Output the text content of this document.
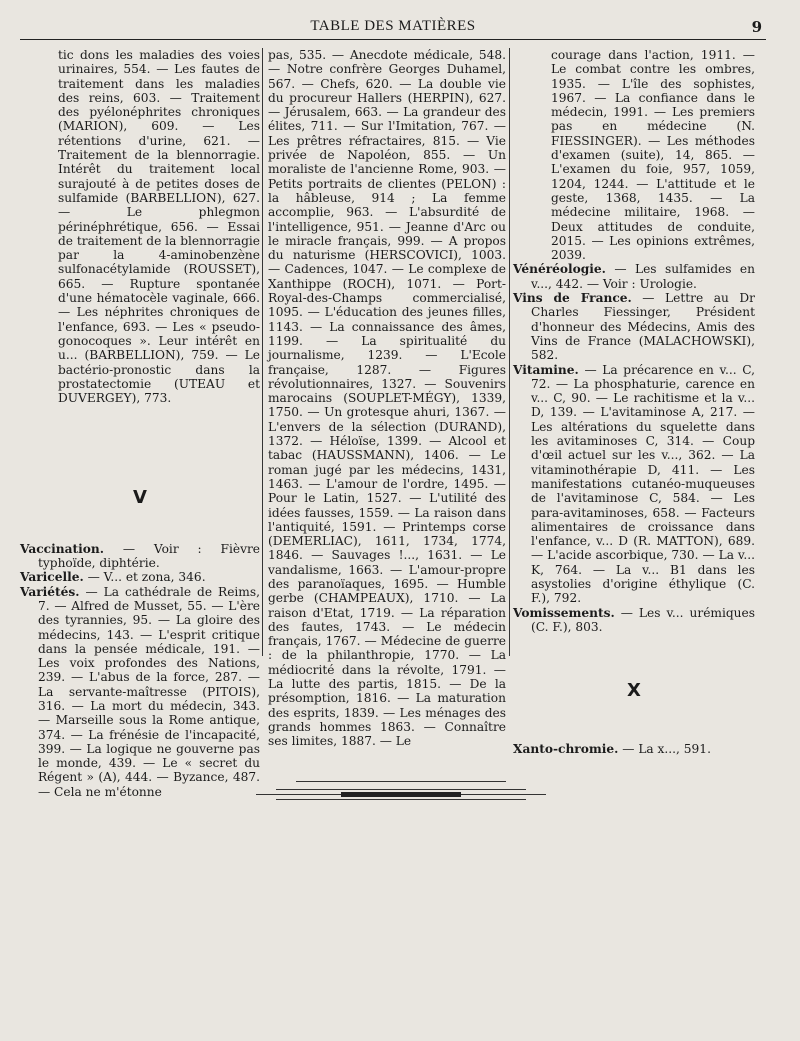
TABLE DES MATIÈRES	9

tic dons les maladies des voies urinaires, 554. — Les fautes de traitement dans les maladies des reins, 603. — Traitement des pyélonéphrites chroniques (MARION), 609. — Les rétentions d'urine, 621. — Traitement de la blennorragie. Intérêt du traitement local surajouté à de petites doses de sulfamide (BARBELLION), 627. — Le phlegmon périnéphrétique, 656. — Essai de traitement de la blennorragie par la 4-aminobenzène sulfonacétylamide (ROUSSET), 665. — Rupture spontanée d'une hématocèle vaginale, 666. — Les néphrites chroniques de l'enfance, 693. — Les « pseudo-gonocoques ». Leur intérêt en u... (BARBELLION), 759. — Le bactério-pronostic dans la prostatectomie (UTEAU et DUVERGEY), 773.

V

Vaccination. — Voir : Fièvre typhoïde, diphtérie.

Varicelle. — V... et zona, 346.

Variétés. — La cathédrale de Reims, 7. — Alfred de Musset, 55. — L'ère des tyrannies, 95. — La gloire des médecins, 143. — L'esprit critique dans la pensée médicale, 191. — Les voix profondes des Nations, 239. — L'abus de la force, 287. — La servante-maîtresse (PITOIS), 316. — La mort du médecin, 343. — Marseille sous la Rome antique, 374. — La frénésie de l'incapacité, 399. — La logique ne gouverne pas le monde, 439. — Le « secret du Régent » (A), 444. — Byzance, 487. — Cela ne m'étonne

pas, 535. — Anecdote médicale, 548. — Notre confrère Georges Duhamel, 567. — Chefs, 620. — La double vie du procureur Hallers (HERPIN), 627. — Jérusalem, 663. — La grandeur des élites, 711. — Sur l'Imitation, 767. — Les prêtres réfractaires, 815. — Vie privée de Napoléon, 855. — Un moraliste de l'ancienne Rome, 903. — Petits portraits de clientes (PELON) : la hâbleuse, 914 ; La femme accomplie, 963. — L'absurdité de l'intelligence, 951. — Jeanne d'Arc ou le miracle français, 999. — A propos du naturisme (HERSCOVICI), 1003. — Cadences, 1047. — Le complexe de Xanthippe (ROCH), 1071. — Port-Royal-des-Champs commercialisé, 1095. — L'éducation des jeunes filles, 1143. — La connaissance des âmes, 1199. — La spiritualité du journalisme, 1239. — L'Ecole française, 1287. — Figures révolutionnaires, 1327. — Souvenirs marocains (SOUPLET-MÉGY), 1339, 1750. — Un grotesque ahuri, 1367. — L'envers de la sélection (DURAND), 1372. — Héloïse, 1399. — Alcool et tabac (HAUSSMANN), 1406. — Le roman jugé par les médecins, 1431, 1463. — L'amour de l'ordre, 1495. — Pour le Latin, 1527. — L'utilité des idées fausses, 1559. — La raison dans l'antiquité, 1591. — Printemps corse (DEMERLIAC), 1611, 1734, 1774, 1846. — Sauvages !..., 1631. — Le vandalisme, 1663. — L'amour-propre des paranoïaques, 1695. — Humble gerbe (CHAMPEAUX), 1710. — La raison d'Etat, 1719. — La réparation des fautes, 1743. — Le médecin français, 1767. — Médecine de guerre : de la philanthropie, 1770. — La médiocrité dans la révolte, 1791. — La lutte des partis, 1815. — De la présomption, 1816. — La maturation des esprits, 1839. — Les ménages des grands hommes 1863. — Connaître ses limites, 1887. — Le

courage dans l'action, 1911. — Le combat contre les ombres, 1935. — L'île des sophistes, 1967. — La confiance dans le médecin, 1991. — Les premiers pas en médecine (N. FIESSINGER). — Les méthodes d'examen (suite), 14, 865. — L'examen du foie, 957, 1059, 1204, 1244. — L'attitude et le geste, 1368, 1435. — La médecine militaire, 1968. — Deux attitudes de conduite, 2015. — Les opinions extrêmes, 2039.

Vénéréologie. — Les sulfamides en v..., 442. — Voir : Urologie.

Vins de France. — Lettre au Dr Charles Fiessinger, Président d'honneur des Médecins, Amis des Vins de France (MALACHOWSKI), 582.

Vitamine. — La précarence en v... C, 72. — La phosphaturie, carence en v... C, 90. — Le rachitisme et la v... D, 139. — L'avitaminose A, 217. — Les altérations du squelette dans les avitaminoses C, 314. — Coup d'œil actuel sur les v..., 362. — La vitaminothérapie D, 411. — Les manifestations cutanéo-muqueuses de l'avitaminose C, 584. — Les para-avitaminoses, 658. — Facteurs alimentaires de croissance dans l'enfance, v... D (R. MATTON), 689. — L'acide ascorbique, 730. — La v... K, 764. — La v... B1 dans les asystolies d'origine éthylique (C. F.), 792.

Vomissements. — Les v... urémiques (C. F.), 803.

X

Xanto-chromie. — La x..., 591.
